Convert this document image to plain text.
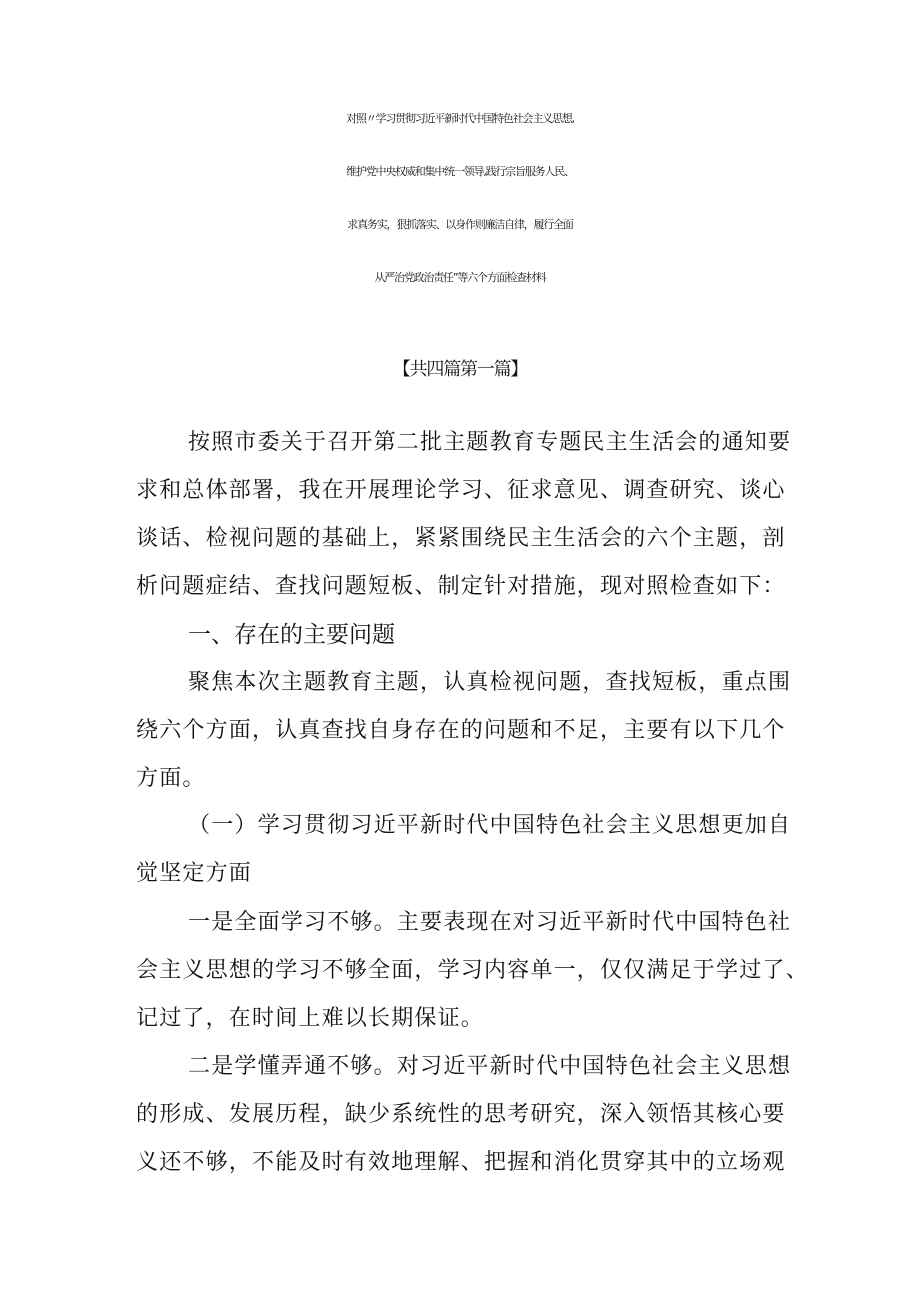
对照〃学习贯彻习近平新时代中国特色社会主义思想,
维护党中央权威和集中统一领导,践行宗旨服务人民、
求真务实，狠抓落实、以身作则廉洁自律，履行全面
从严治党政治责任”等六个方面检查材料
【共四篇第一篇】
按照市委关于召开第二批主题教育专题民主生活会的通知要
求和总体部署，我在开展理论学习、征求意见、调查研究、谈心
谈话、检视问题的基础上，紧紧围绕民主生活会的六个主题，剖
析问题症结、查找问题短板、制定针对措施，现对照检查如下：
一、存在的主要问题
聚焦本次主题教育主题，认真检视问题，查找短板，重点围
绕六个方面，认真查找自身存在的问题和不足，主要有以下几个
方面。
（一）学习贯彻习近平新时代中国特色社会主义思想更加自
觉坚定方面
一是全面学习不够。主要表现在对习近平新时代中国特色社
会主义思想的学习不够全面，学习内容单一，仅仅满足于学过了、
记过了，在时间上难以长期保证。
二是学懂弄通不够。对习近平新时代中国特色社会主义思想
的形成、发展历程，缺少系统性的思考研究，深入领悟其核心要
义还不够，不能及时有效地理解、把握和消化贯穿其中的立场观
